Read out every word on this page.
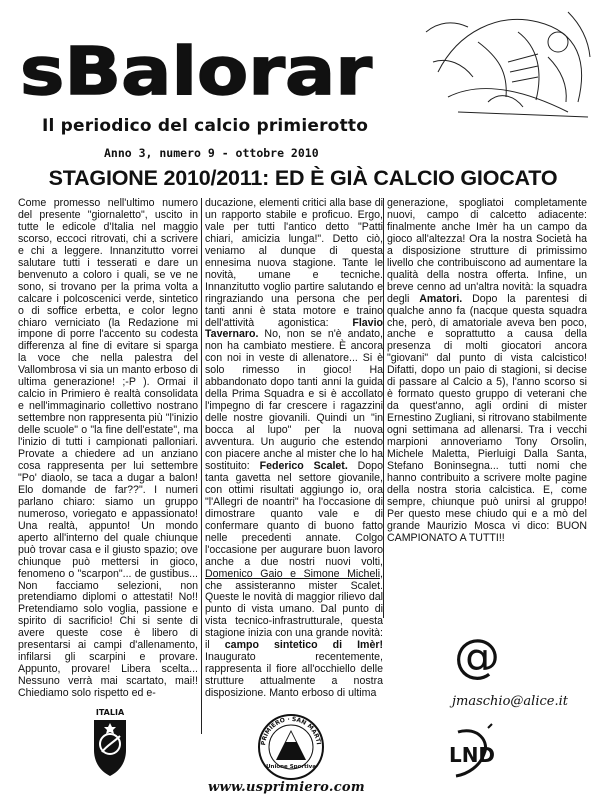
sBalorar
Il periodico del calcio primierotto
Anno 3, numero 9 - ottobre 2010
STAGIONE 2010/2011: ED È GIÀ CALCIO GIOCATO

Come promesso nell'ultimo numero del presente "giornaletto", uscito in tutte le edicole d'Italia nel maggio scorso, eccoci ritrovati, chi a scrivere e chi a leggere. Innanzitutto vorrei salutare tutti i tesserati e dare un benvenuto a coloro i quali, se ve ne sono, si trovano per la prima volta a calcare i polcoscenici verde, sintetico o di soffice erbetta, e color legno chiaro verniciato (la Redazione mi impone di porre l'accento su codesta differenza al fine di evitare si sparga la voce che nella palestra del Vallombrosa vi sia un manto erboso di ultima generazione! ;-P ). Ormai il calcio in Primiero è realtà consolidata e nell'immaginario collettivo nostrano settembre non rappresenta più "l'inizio delle scuole" o "la fine dell'estate", ma l'inizio di tutti i campionati palloniari. Provate a chiedere ad un anziano cosa rappresenta per lui settembre "Po' diaolo, se taca a dugar a balon! Elo domande de far??". I numeri parlano chiaro: siamo un gruppo numeroso, voriegato e appassionato! Una realtà, appunto! Un mondo aperto all'interno del quale chiunque può trovar casa e il giusto spazio; ove chiunque può mettersi in gioco, fenomeno o "scarpon"... de gustibus... Non facciamo selezioni, non pretendiamo diplomi o attestati! No!! Pretendiamo solo voglia, passione e spirito di sacrificio! Chi si sente di avere queste cose è libero di presentarsi ai campi d'allenamento, infilarsi gli scarpini e provare. Appunto, provare! Libera scelta... Nessuno verrà mai scartato, mai!! Chiediamo solo rispetto ed e-

ducazione, elementi critici alla base di un rapporto stabile e proficuo. Ergo, vale per tutti l'antico detto "Patti chiari, amicizia lunga!". Detto ciò, veniamo al dunque di questa ennesima nuova stagione. Tante le novità, umane e tecniche. Innanzitutto voglio partire salutando e ringraziando una persona che per tanti anni è stata motore e traino dell'attività agonistica: Flavio Tavernaro. No, non se n'è andato, non ha cambiato mestiere. È ancora con noi in veste di allenatore... Si è solo rimesso in gioco! Ha abbandonato dopo tanti anni la guida della Prima Squadra e si è accollato l'impegno di far crescere i ragazzini delle nostre giovanili. Quindi un "in bocca al lupo" per la nuova avventura. Un augurio che estendo con piacere anche al mister che lo ha sostituito: Federico Scalet. Dopo tanta gavetta nel settore giovanile, con ottimi risultati aggiungo io, ora "l'Allegri de noantri" ha l'occasione di dimostrare quanto vale e di confermare quanto di buono fatto nelle precedenti annate. Colgo l'occasione per augurare buon lavoro anche a due nostri nuovi volti, Domenico Gaio e Simone Micheli, che assisteranno mister Scalet. Queste le novità di maggior rilievo dal punto di vista umano. Dal punto di vista tecnico-infrastrutturale, questa stagione inizia con una grande novità: il campo sintetico di Imèr! Inaugurato recentemente, rappresenta il fiore all'occhiello delle strutture attualmente a nostra disposizione. Manto erboso di ultima

generazione, spogliatoi completamente nuovi, campo di calcetto adiacente: finalmente anche Imèr ha un campo da gioco all'altezza! Ora la nostra Società ha a disposizione strutture di primissimo livello che contribuiscono ad aumentare la qualità della nostra offerta. Infine, un breve cenno ad un'altra novità: la squadra degli Amatori. Dopo la parentesi di qualche anno fa (nacque questa squadra che, però, di amatoriale aveva ben poco, anche e soprattutto a causa della presenza di molti giocatori ancora "giovani" dal punto di vista calcistico! Difatti, dopo un paio di stagioni, si decise di passare al Calcio a 5), l'anno scorso si è formato questo gruppo di veterani che da quest'anno, agli ordini di mister Ernestino Zugliani, si ritrovano stabilmente ogni settimana ad allenarsi. Tra i vecchi marpioni annoveriamo Tony Orsolin, Michele Maletta, Pierluigi Dalla Santa, Stefano Boninsegna... tutti nomi che hanno contribuito a scrivere molte pagine della nostra storia calcistica. E, come sempre, chiunque può unirsi al gruppo! Per questo mese chiudo qui e a mò del grande Maurizio Mosca vi dico: BUON CAMPIONATO A TUTTI!!

@
jmaschio@alice.it
ITALIA
PRIMIERO · SAN MARTI
Unione Sportiva	LND
www.usprimiero.com
